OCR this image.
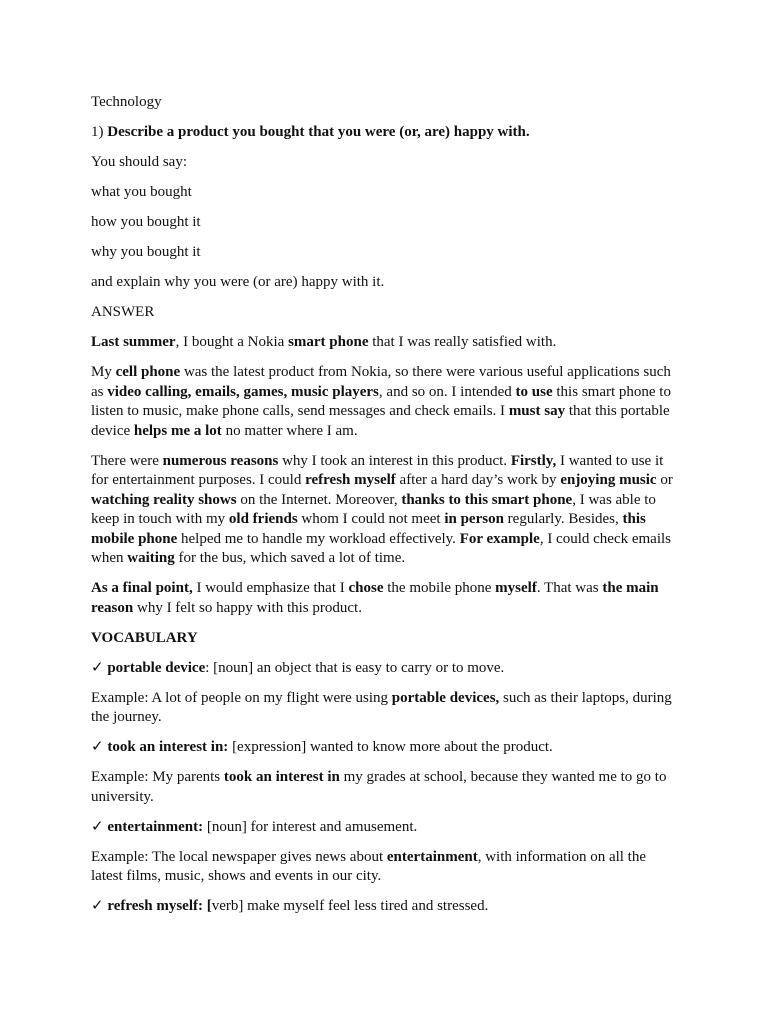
Technology

1) Describe a product you bought that you were (or, are) happy with.

You should say:

what you bought

how you bought it

why you bought it

and explain why you were (or are) happy with it.

ANSWER

Last summer, I bought a Nokia smart phone that I was really satisfied with.

My cell phone was the latest product from Nokia, so there were various useful applications such as video calling, emails, games, music players, and so on. I intended to use this smart phone to listen to music, make phone calls, send messages and check emails. I must say that this portable device helps me a lot no matter where I am.

There were numerous reasons why I took an interest in this product. Firstly, I wanted to use it for entertainment purposes. I could refresh myself after a hard day’s work by enjoying music or watching reality shows on the Internet. Moreover, thanks to this smart phone, I was able to keep in touch with my old friends whom I could not meet in person regularly. Besides, this mobile phone helped me to handle my workload effectively. For example, I could check emails when waiting for the bus, which saved a lot of time.

As a final point, I would emphasize that I chose the mobile phone myself. That was the main reason why I felt so happy with this product.

VOCABULARY

✓ portable device: [noun] an object that is easy to carry or to move.

Example: A lot of people on my flight were using portable devices, such as their laptops, during the journey.

✓ took an interest in: [expression] wanted to know more about the product.

Example: My parents took an interest in my grades at school, because they wanted me to go to university.

✓ entertainment: [noun] for interest and amusement.

Example: The local newspaper gives news about entertainment, with information on all the latest films, music, shows and events in our city.

✓ refresh myself: [verb] make myself feel less tired and stressed.
